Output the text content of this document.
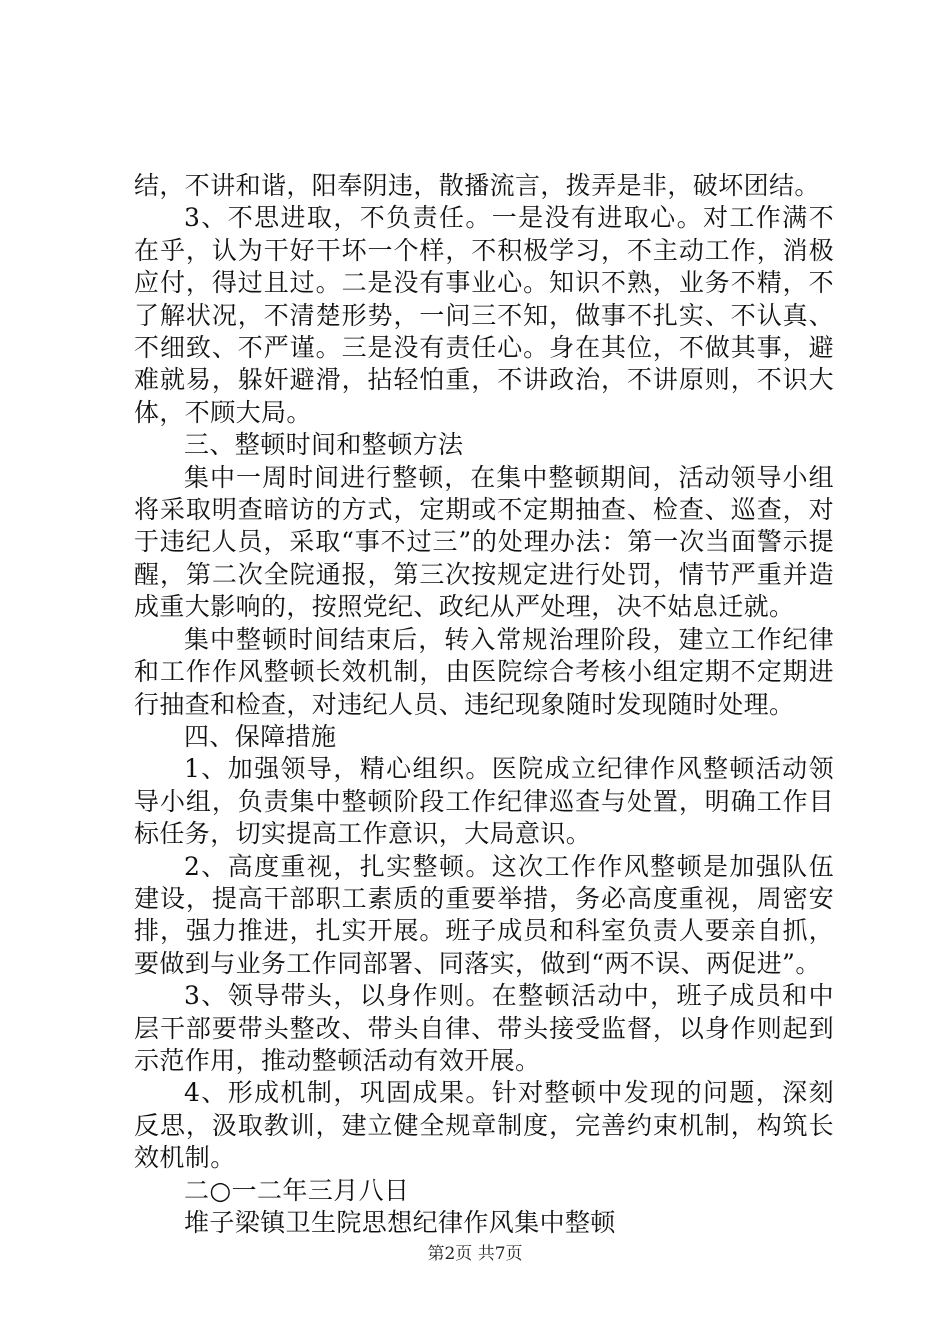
结，不讲和谐，阳奉阴违，散播流言，拨弄是非，破坏团结。

3、不思进取，不负责任。一是没有进取心。对工作满不在乎，认为干好干坏一个样，不积极学习，不主动工作，消极应付，得过且过。二是没有事业心。知识不熟，业务不精，不了解状况，不清楚形势，一问三不知，做事不扎实、不认真、不细致、不严谨。三是没有责任心。身在其位，不做其事，避难就易，躲奸避滑，拈轻怕重，不讲政治，不讲原则，不识大体，不顾大局。

三、整顿时间和整顿方法

集中一周时间进行整顿，在集中整顿期间，活动领导小组将采取明查暗访的方式，定期或不定期抽查、检查、巡查，对于违纪人员，采取“事不过三”的处理办法：第一次当面警示提醒，第二次全院通报，第三次按规定进行处罚，情节严重并造成重大影响的，按照党纪、政纪从严处理，决不姑息迁就。

集中整顿时间结束后，转入常规治理阶段，建立工作纪律和工作作风整顿长效机制，由医院综合考核小组定期不定期进行抽查和检查，对违纪人员、违纪现象随时发现随时处理。

四、保障措施

1、加强领导，精心组织。医院成立纪律作风整顿活动领导小组，负责集中整顿阶段工作纪律巡查与处置，明确工作目标任务，切实提高工作意识，大局意识。

2、高度重视，扎实整顿。这次工作作风整顿是加强队伍建设，提高干部职工素质的重要举措，务必高度重视，周密安排，强力推进，扎实开展。班子成员和科室负责人要亲自抓，要做到与业务工作同部署、同落实，做到“两不误、两促进”。

3、领导带头，以身作则。在整顿活动中，班子成员和中层干部要带头整改、带头自律、带头接受监督，以身作则起到示范作用，推动整顿活动有效开展。

4、形成机制，巩固成果。针对整顿中发现的问题，深刻反思，汲取教训，建立健全规章制度，完善约束机制，构筑长效机制。

二○一二年三月八日

堆子梁镇卫生院思想纪律作风集中整顿

第2页 共7页
